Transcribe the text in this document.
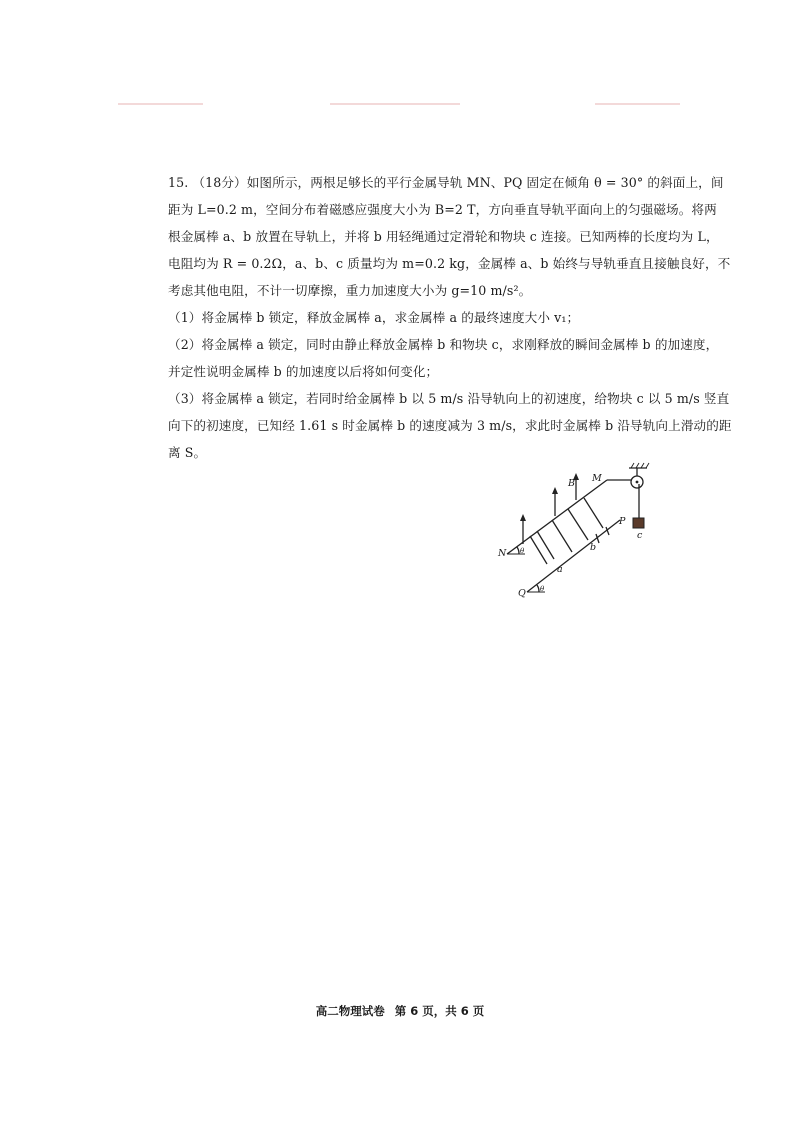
15. （18分）如图所示，两根足够长的平行金属导轨 MN、PQ 固定在倾角 θ = 30° 的斜面上，间
距为 L=0.2 m，空间分布着磁感应强度大小为 B=2 T，方向垂直导轨平面向上的匀强磁场。将两
根金属棒 a、b 放置在导轨上，并将 b 用轻绳通过定滑轮和物块 c 连接。已知两棒的长度均为 L，
电阻均为 R = 0.2Ω，a、b、c 质量均为 m=0.2 kg，金属棒 a、b 始终与导轨垂直且接触良好，不
考虑其他电阻，不计一切摩擦，重力加速度大小为 g=10 m/s²。
（1）将金属棒 b 锁定，释放金属棒 a，求金属棒 a 的最终速度大小 v₁；
（2）将金属棒 a 锁定，同时由静止释放金属棒 b 和物块 c，求刚释放的瞬间金属棒 b 的加速度，
并定性说明金属棒 b 的加速度以后将如何变化；
（3）将金属棒 a 锁定，若同时给金属棒 b 以 5 m/s 沿导轨向上的初速度，给物块 c 以 5 m/s 竖直
向下的初速度，已知经 1.61 s 时金属棒 b 的速度减为 3 m/s，求此时金属棒 b 沿导轨向上滑动的距
离 S。
B M
P
N
Q
a
b
c
θ
θ
高二物理试卷 第 6 页，共 6 页
